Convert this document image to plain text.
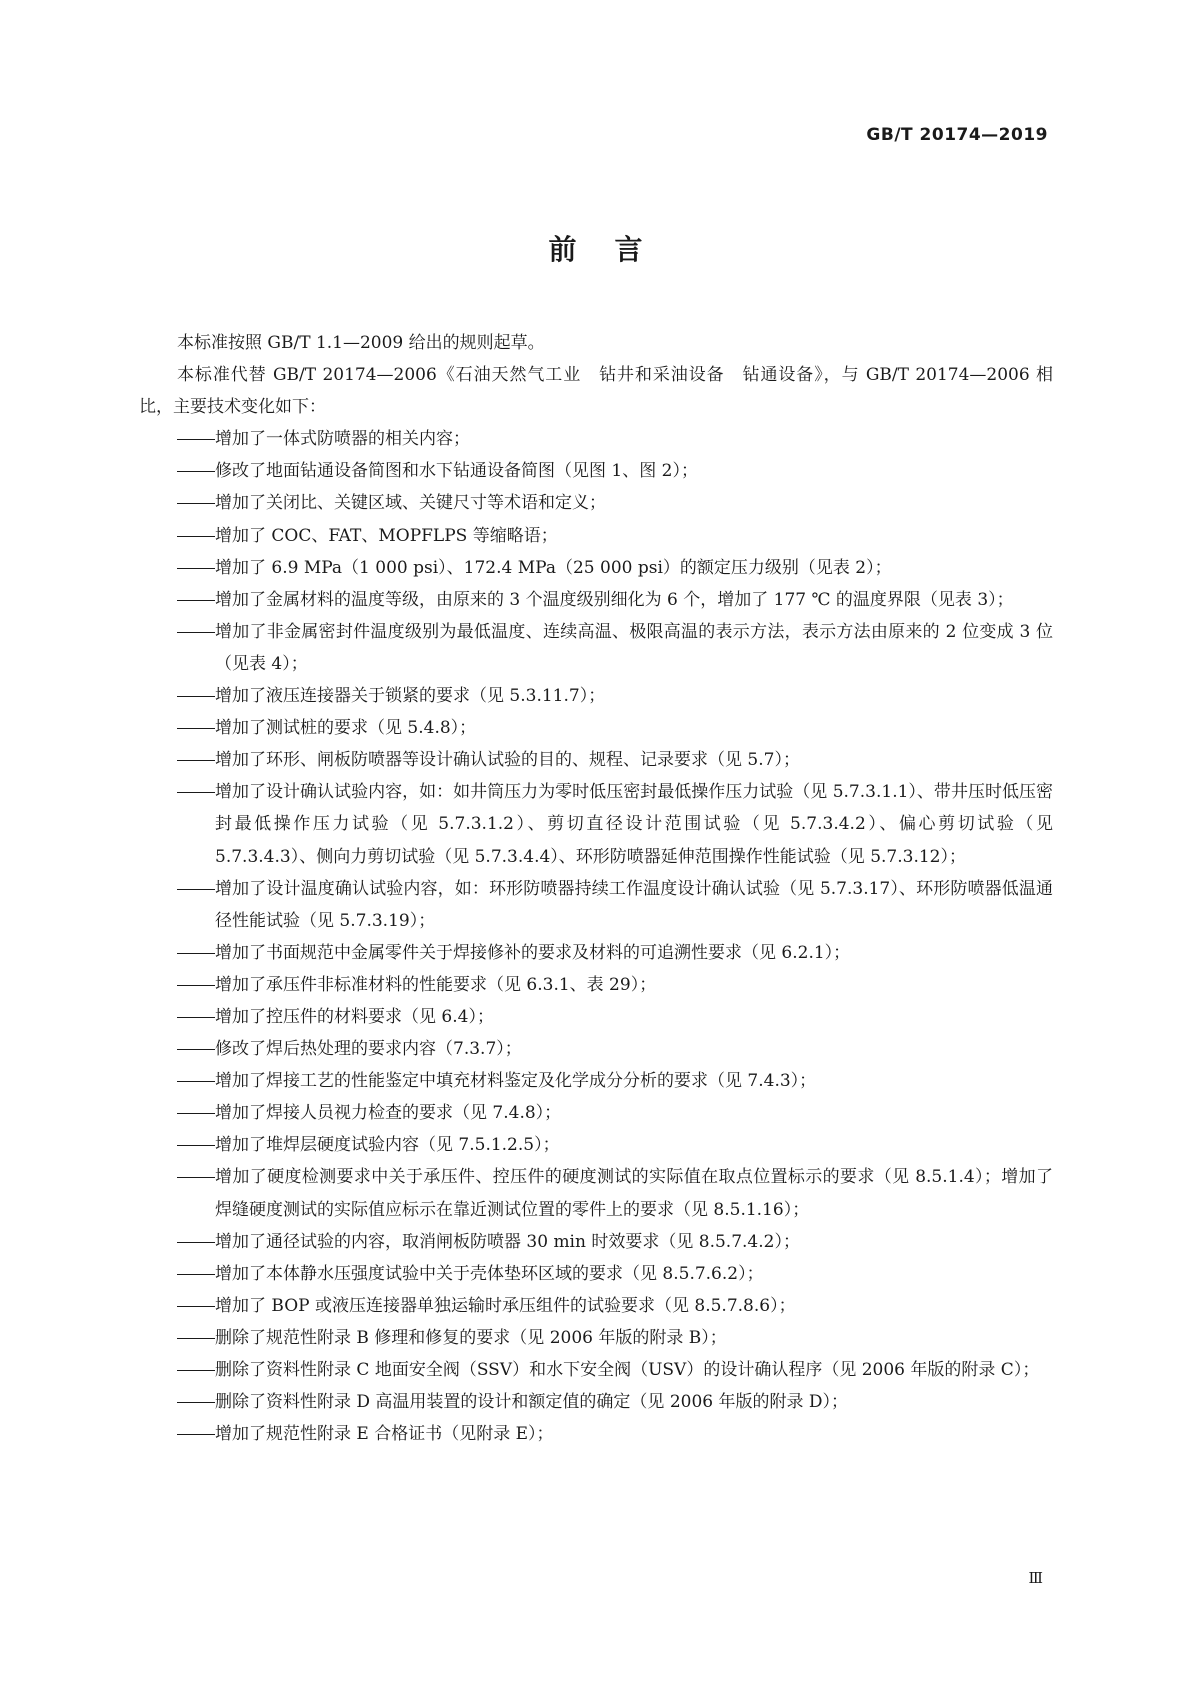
GB/T 20174—2019
前言

本标准按照 GB/T 1.1—2009 给出的规则起草。

本标准代替 GB/T 20174—2006《石油天然气工业　钻井和采油设备　钻通设备》，与 GB/T 20174—2006 相比，主要技术变化如下：

增加了一体式防喷器的相关内容；
修改了地面钻通设备简图和水下钻通设备简图（见图 1、图 2）；
增加了关闭比、关键区域、关键尺寸等术语和定义；
增加了 COC、FAT、MOPFLPS 等缩略语；
增加了 6.9 MPa（1 000 psi）、172.4 MPa（25 000 psi）的额定压力级别（见表 2）；
增加了金属材料的温度等级，由原来的 3 个温度级别细化为 6 个，增加了 177 ℃ 的温度界限（见表 3）；
增加了非金属密封件温度级别为最低温度、连续高温、极限高温的表示方法，表示方法由原来的 2 位变成 3 位（见表 4）；
增加了液压连接器关于锁紧的要求（见 5.3.11.7）；
增加了测试桩的要求（见 5.4.8）；
增加了环形、闸板防喷器等设计确认试验的目的、规程、记录要求（见 5.7）；
增加了设计确认试验内容，如：如井筒压力为零时低压密封最低操作压力试验（见 5.7.3.1.1）、带井压时低压密封最低操作压力试验（见 5.7.3.1.2）、剪切直径设计范围试验（见 5.7.3.4.2）、偏心剪切试验（见 5.7.3.4.3）、侧向力剪切试验（见 5.7.3.4.4）、环形防喷器延伸范围操作性能试验（见 5.7.3.12）；
增加了设计温度确认试验内容，如：环形防喷器持续工作温度设计确认试验（见 5.7.3.17）、环形防喷器低温通径性能试验（见 5.7.3.19）；
增加了书面规范中金属零件关于焊接修补的要求及材料的可追溯性要求（见 6.2.1）；
增加了承压件非标准材料的性能要求（见 6.3.1、表 29）；
增加了控压件的材料要求（见 6.4）；
修改了焊后热处理的要求内容（7.3.7）；
增加了焊接工艺的性能鉴定中填充材料鉴定及化学成分分析的要求（见 7.4.3）；
增加了焊接人员视力检查的要求（见 7.4.8）；
增加了堆焊层硬度试验内容（见 7.5.1.2.5）；
增加了硬度检测要求中关于承压件、控压件的硬度测试的实际值在取点位置标示的要求（见 8.5.1.4）；增加了焊缝硬度测试的实际值应标示在靠近测试位置的零件上的要求（见 8.5.1.16）；
增加了通径试验的内容，取消闸板防喷器 30 min 时效要求（见 8.5.7.4.2）；
增加了本体静水压强度试验中关于壳体垫环区域的要求（见 8.5.7.6.2）；
增加了 BOP 或液压连接器单独运输时承压组件的试验要求（见 8.5.7.8.6）；
删除了规范性附录 B 修理和修复的要求（见 2006 年版的附录 B）；
删除了资料性附录 C 地面安全阀（SSV）和水下安全阀（USV）的设计确认程序（见 2006 年版的附录 C）；
删除了资料性附录 D 高温用装置的设计和额定值的确定（见 2006 年版的附录 D）；
增加了规范性附录 E 合格证书（见附录 E）；
Ⅲ
